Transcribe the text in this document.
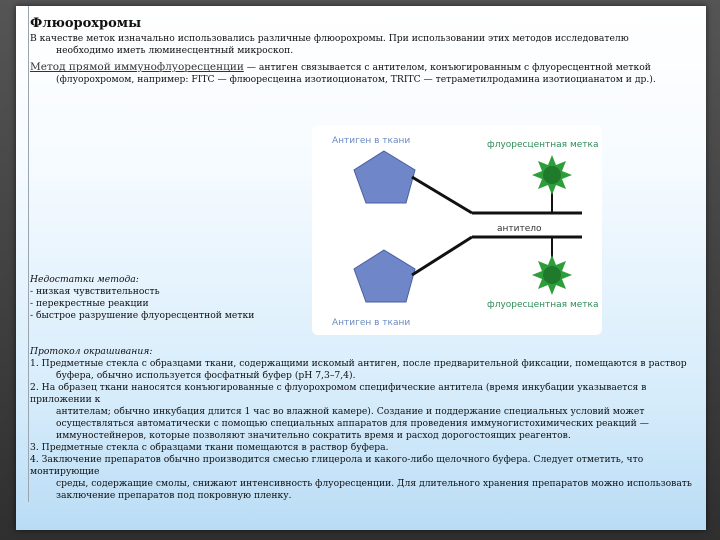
Флюорохромы
В качестве меток изначально использовались различные флюорохромы. При использовании этих методов исследователю
необходимо иметь люминесцентный микроскоп.
Метод прямой иммунофлуоресценции — антиген связывается с антителом, конъюгированным с флуоресцентной меткой
(флуорохромом, например: FITC — флюоресцеина изотиоционатом, TRITC — тетраметилродамина изотиоцианатом и др.).
Антиген в ткани
антитело
флуоресцентная метка
флуоресцентная метка
Антиген в ткани
Недостатки метода:
- низкая чувствительность
- перекрестные реакции
- быстрое разрушение флуоресцентной метки
Протокол окрашивания:
1. Предметные стекла с образцами ткани, содержащими искомый антиген, после предварительной фиксации, помещаются в раствор
буфера, обычно используется фосфатный буфер (pH 7,3–7,4).
2. На образец ткани наносятся конъюгированные с флуорохромом специфические антитела (время инкубации указывается в приложении к
антителам; обычно инкубация длится 1 час во влажной камере). Создание и поддержание специальных условий может
осуществляться автоматически с помощью специальных аппаратов для проведения иммуногистохимических реакций —
иммуностейнеров, которые позволяют значительно сократить время и расход дорогостоящих реагентов.
3. Предметные стекла с образцами ткани помещаются в раствор буфера.
4. Заключение препаратов обычно производится смесью глицерола и какого-либо щелочного буфера. Следует отметить, что монтирующие
среды, содержащие смолы, снижают интенсивность флуоресценции. Для длительного хранения препаратов можно использовать
заключение препаратов под покровную пленку.
